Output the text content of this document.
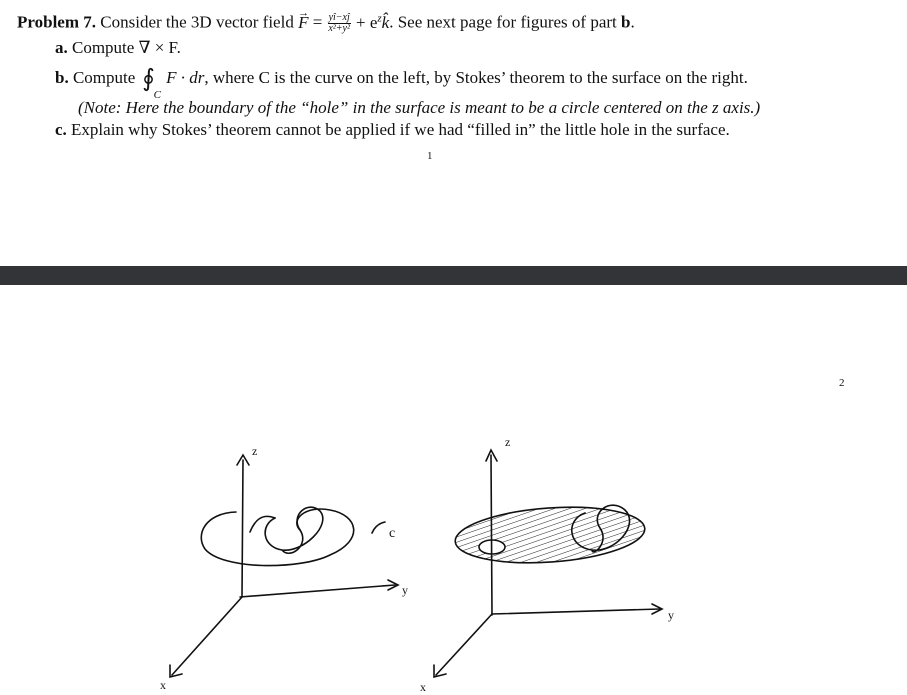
Problem 7. Consider the 3D vector field → $F = \frac{yî-xĵ}{\text{x²+y²}}$ + $e^zk̂$. See next page for figures of part b.
a. Compute ∇ × F.
b. Compute ∮
C
F · dr, where C is the curve on the left, by Stokes’ theorem to the surface on the right.
(Note: Here the boundary of the “hole” in the surface is meant to be a circle centered on the z axis.)
c. Explain why Stokes’ theorem cannot be applied if we had “filled in” the little hole in the surface.
1
2
z
y
x
c
z
y
x
